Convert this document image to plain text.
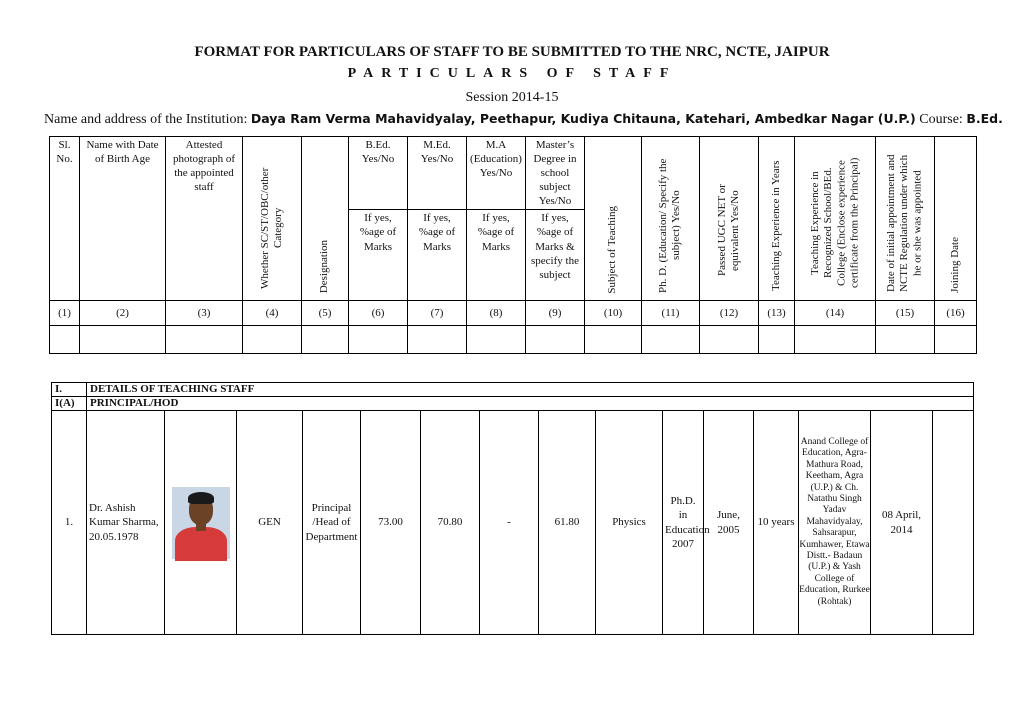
FORMAT FOR PARTICULARS OF STAFF TO BE SUBMITTED TO THE NRC, NCTE, JAIPUR
PARTICULARS OF STAFF
Session 2014-15
Name and address of the Institution: Daya Ram Verma Mahavidyalay, Peethapur, Kudiya Chitauna, Katehari, Ambedkar Nagar (U.P.) Course: B.Ed.
Sl. No.	Name with Date of Birth Age	Attested photograph of the appointed staff	Whether SC/ST/OBC/other Category	Designation	B.Ed. Yes/No	M.Ed. Yes/No	M.A (Education) Yes/No	Master’s Degree in school subject Yes/No	Subject of Teaching	Ph. D. (Education/ Specify the subject) Yes/No	Passed UGC NET or equivalent Yes/No	Teaching Experience in Years	Teaching Experience in Recognized School/BEd. College (Enclose experience certificate from the Principal)	Date of initial appointment and NCTE Regulation under which he or she was appointed	Joining Date
					If yes, %age of Marks	If yes, %age of Marks	If yes, %age of Marks	If yes, %age of Marks & specify the subject							
(1)	(2)	(3)	(4)	(5)	(6)	(7)	(8)	(9)	(10)	(11)	(12)	(13)	(14)	(15)	(16)

I.	DETAILS OF TEACHING STAFF														
I(A)	PRINCIPAL/HOD														
1.	Dr. Ashish Kumar Sharma, 20.05.1978		GEN	Principal /Head of Department	73.00	70.80	-	61.80	Physics	Ph.D. in Education 2007	June, 2005	10 years	Anand College of Education, Agra-Mathura Road, Keetham, Agra (U.P.) & Ch. Natathu Singh Yadav Mahavidyalay, Sahsarapur, Kumhawer, Etawa Distt.- Badaun (U.P.) & Yash College of Education, Rurkee (Rohtak)	08 April, 2014	
